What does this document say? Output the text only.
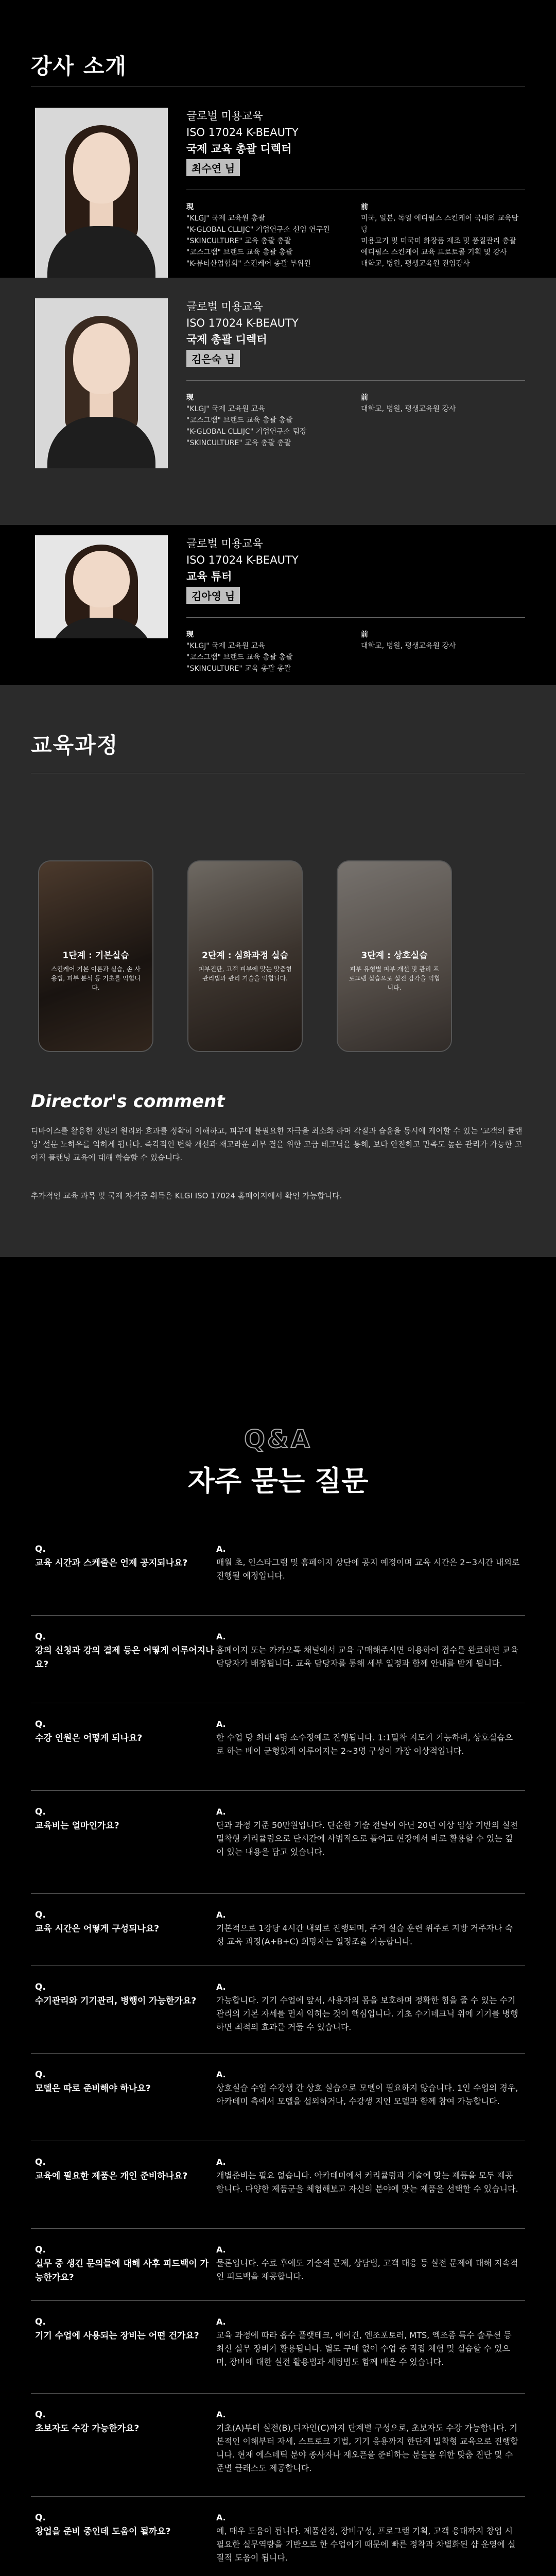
강사 소개
글로벌 미용교육
ISO 17024 K-BEAUTY
국제 교육 총괄 디렉터
최수연 님
現
"KLGJ" 국제 교육원 총괄
"K-GLOBAL CLLIJC" 기업연구소 선임 연구원
"SKINCULTURE" 교육 총괄 총괄
"코스그램" 브랜드 교육 총괄 총괄
"K-뷰티산업협회" 스킨케어 총괄 부위원
前
미국, 일본, 독일 에디필스 스킨케어 국내외 교육담당
미용고기 및 미국미 화장품 제조 및 품질관리 총괄
에디필스 스킨케어 교육 프로토콜 기획 및 강사
대학교, 병원, 평생교육원 전임강사
글로벌 미용교육
ISO 17024 K-BEAUTY
국제 총괄 디렉터
김은숙 님
現
"KLGJ" 국제 교육원 교육
"코스그램" 브랜드 교육 총괄 총괄
"K-GLOBAL CLLIJC" 기업연구소 팀장
"SKINCULTURE" 교육 총괄 총괄
前
대학교, 병원, 평생교육원 강사
글로벌 미용교육
ISO 17024 K-BEAUTY
교육 튜터
김아영 님
現
"KLGJ" 국제 교육원 교육
"코스그램" 브랜드 교육 총괄 총괄
"SKINCULTURE" 교육 총괄 총괄
前
대학교, 병원, 평생교육원 강사
교육과정
1단계 : 기본실습
스킨케어 기본 이론과 실습, 손 사용법, 피부 분석 등 기초를 익힙니다.
2단계 : 심화과정 실습
피부진단, 고객 피부에 맞는 맞춤형 관리법과 관리 기술을 익힙니다.
3단계 : 상호실습
피부 유형별 피부 개선 및 관리 프로그램 실습으로 실전 감각을 익힙니다.
Director's comment
디바이스를 활용한 정밀의 원리와 효과를 정확히 이해하고, 피부에 불필요한 자극을 최소화 하며 각질과 습윤을 동시에 케어할 수 있는 '고객의 플랜닝' 설문 노하우를 익히게 됩니다. 즉각적인 변화 개선과 재고라운 피부 결을 위한 고급 테크닉을 통해, 보다 안전하고 만족도 높은 관리가 가능한 고여직 플랜닝 교육에 대해 학습할 수 있습니다.
추가적인 교육 과목 및 국제 자격증 취득은 KLGI ISO 17024 홈페이지에서 확인 가능합니다.
Q&A
자주 묻는 질문
Q.
교육 시간과 스케줄은 언제 공지되나요?
A.
매월 초, 인스타그램 및 홈페이지 상단에 공지 예정이며 교육 시간은 2~3시간 내외로 진행될 예정입니다.
Q.
강의 신청과 강의 결제 등은 어떻게 이루어지나요?
A.
홈페이지 또는 카카오톡 채널에서 교육 구매해주시면 이용하여 접수를 완료하면 교육 담당자가 배정됩니다. 교육 담당자를 통해 세부 일정과 함께 안내를 받게 됩니다.
Q.
수강 인원은 어떻게 되나요?
A.
한 수업 당 최대 4명 소수정예로 진행됩니다. 1:1밀착 지도가 가능하며, 상호실습으로 하는 베이 균형있게 이루어지는 2~3명 구성이 가장 이상적입니다.
Q.
교육비는 얼마인가요?
A.
단과 과정 기준 50만원입니다. 단순한 기술 전달이 아닌 20년 이상 임상 기반의 실전 밀착형 커리큘럼으로 단시간에 사범적으로 풀어고 현장에서 바로 활용할 수 있는 깊이 있는 내용을 담고 있습니다.
Q.
교육 시간은 어떻게 구성되나요?
A.
기본적으로 1강당 4시간 내외로 진행되며, 주거 실습 훈련 위주로 지방 거주자나 숙성 교육 과정(A+B+C) 희망자는 일정조율 가능합니다.
Q.
수기관리와 기기관리, 병행이 가능한가요?
A.
가능합니다. 기기 수업에 앞서, 사용자의 몸을 보호하며 정확한 힘을 줄 수 있는 수기관리의 기본 자세를 먼저 익히는 것이 핵심입니다. 기초 수기테크닉 위에 기기를 병행하면 최적의 효과를 거둘 수 있습니다.
Q.
모델은 따로 준비해야 하나요?
A.
상호실습 수업 수강생 간 상호 실습으로 모델이 필요하지 않습니다. 1인 수업의 경우, 아카데미 측에서 모델을 섭외하거나, 수강생 지인 모델과 함께 참여 가능합니다.
Q.
교육에 필요한 제품은 개인 준비하나요?
A.
개별준비는 필요 없습니다. 아카데미에서 커리큘럼과 기술에 맞는 제품을 모두 제공합니다. 다양한 제품군을 체험해보고 자신의 분야에 맞는 제품을 선택할 수 있습니다.
Q.
실무 중 생긴 문의들에 대해 사후 피드백이 가능한가요?
A.
물론입니다. 수료 후에도 기술적 문제, 상담법, 고객 대응 등 실전 문제에 대해 지속적인 피드백을 제공합니다.
Q.
기기 수업에 사용되는 장비는 어떤 건가요?
A.
교육 과정에 따라 흡수 플랫테크, 에어건, 엔조포토러, MTS, 엑조좀 특수 솔루션 등 최신 실무 장비가 활용됩니다. 별도 구매 없이 수업 중 직접 체험 및 실습할 수 있으며, 장비에 대한 실전 활용법과 세팅법도 함께 배울 수 있습니다.
Q.
초보자도 수강 가능한가요?
A.
기초(A)부터 실전(B),디자인(C)까지 단계별 구성으로, 초보자도 수강 가능합니다. 기본적인 이해부터 자세, 스트로크 기법, 기기 응용까지 한단계 밀착형 교육으로 진행합니다. 현재 에스테틱 분야 종사자나 재오픈을 준비하는 분들을 위한 맞춤 진단 및 수준별 클래스도 제공합니다.
Q.
창업을 준비 중인데 도움이 될까요?
A.
예, 매우 도움이 됩니다. 제품선정, 장비구성, 프로그램 기획, 고객 응대까지 창업 시 필요한 실무역량을 기반으로 한 수업이기 때문에 빠른 정착과 차별화된 샵 운영에 실질적 도움이 됩니다.
